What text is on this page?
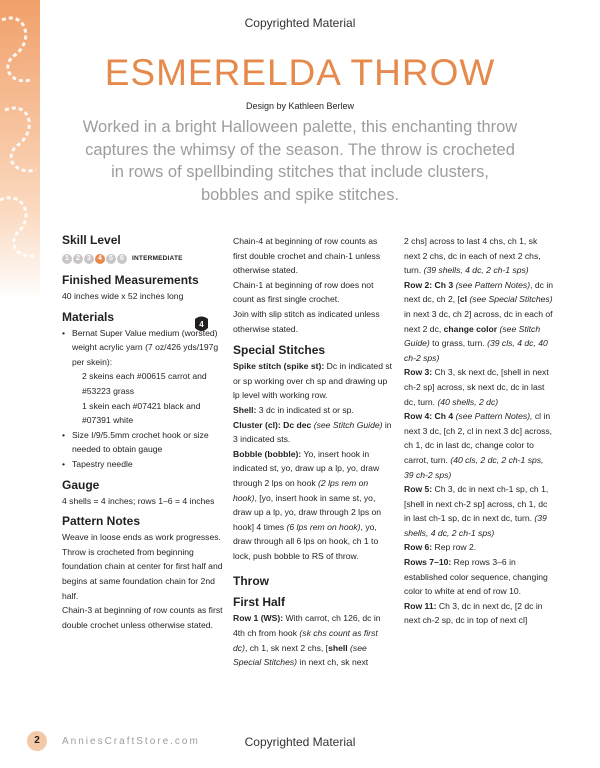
Copyrighted Material
ESMERELDA THROW
Design by Kathleen Berlew
Worked in a bright Halloween palette, this enchanting throw captures the whimsy of the season. The throw is crocheted in rows of spellbinding stitches that include clusters, bobbles and spike stitches.
Skill Level
1	2	3	4	5	6	INTERMEDIATE
Finished Measurements

40 inches wide x 52 inches long

Materials
4
• Bernat Super Value medium (worsted) weight acrylic yarn (7 oz/426 yds/197g per skein):
2 skeins each #00615 carrot and #53223 grass
1 skein each #07421 black and #07391 white
• Size I/9/5.5mm crochet hook or size needed to obtain gauge
• Tapestry needle
Gauge

4 shells = 4 inches; rows 1–6 = 4 inches

Pattern Notes

Weave in loose ends as work progresses.

Throw is crocheted from beginning foundation chain at center for first half and begins at same foundation chain for 2nd half.

Chain-3 at beginning of row counts as first double crochet unless otherwise stated.

Chain-4 at beginning of row counts as first double crochet and chain-1 unless otherwise stated.

Chain-1 at beginning of row does not count as first single crochet.

Join with slip stitch as indicated unless otherwise stated.

Special Stitches

Spike stitch (spike st): Dc in indicated st or sp working over ch sp and drawing up lp level with working row.

Shell: 3 dc in indicated st or sp.

Cluster (cl): Dc dec (see Stitch Guide) in 3 indicated sts.

Bobble (bobble): Yo, insert hook in indicated st, yo, draw up a lp, yo, draw through 2 lps on hook (2 lps rem on hook), [yo, insert hook in same st, yo, draw up a lp, yo, draw through 2 lps on hook] 4 times (6 lps rem on hook), yo, draw through all 6 lps on hook, ch 1 to lock, push bobble to RS of throw.

Throw
First Half

Row 1 (WS): With carrot, ch 126, dc in 4th ch from hook (sk chs count as first dc), ch 1, sk next 2 chs, [shell (see Special Stitches) in next ch, sk next

2 chs] across to last 4 chs, ch 1, sk next 2 chs, dc in each of next 2 chs, turn. (39 shells, 4 dc, 2 ch-1 sps)

Row 2: Ch 3 (see Pattern Notes), dc in next dc, ch 2, [cl (see Special Stitches) in next 3 dc, ch 2] across, dc in each of next 2 dc, change color (see Stitch Guide) to grass, turn. (39 cls, 4 dc, 40 ch-2 sps)

Row 3: Ch 3, sk next dc, [shell in next ch-2 sp] across, sk next dc, dc in last dc, turn. (40 shells, 2 dc)

Row 4: Ch 4 (see Pattern Notes), cl in next 3 dc, [ch 2, cl in next 3 dc] across, ch 1, dc in last dc, change color to carrot, turn. (40 cls, 2 dc, 2 ch-1 sps, 39 ch-2 sps)

Row 5: Ch 3, dc in next ch-1 sp, ch 1, [shell in next ch-2 sp] across, ch 1, dc in last ch-1 sp, dc in next dc, turn. (39 shells, 4 dc, 2 ch-1 sps)

Row 6: Rep row 2.

Rows 7–10: Rep rows 3–6 in established color sequence, changing color to white at end of row 10.

Row 11: Ch 3, dc in next dc, [2 dc in next ch-2 sp, dc in top of next cl]

2	AnniesCraftStore.com	Copyrighted Material
